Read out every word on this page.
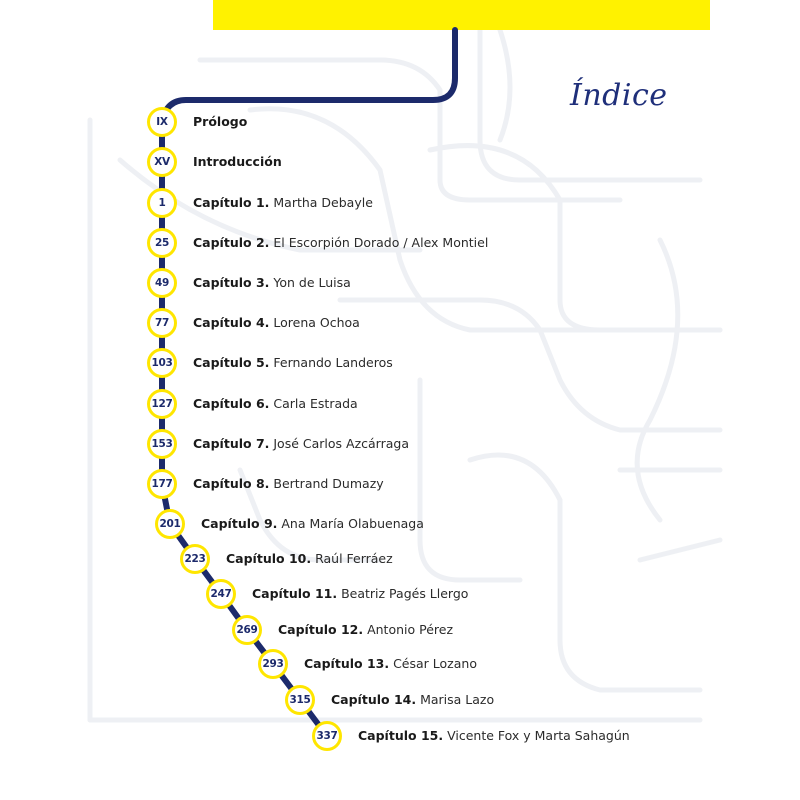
Índice
IX
XV
1
25
49
77
103
127
153
177
201
223
247
269
293
315
337
Prólogo
Introducción
Capítulo 1. Martha Debayle
Capítulo 2. El Escorpión Dorado / Alex Montiel
Capítulo 3. Yon de Luisa
Capítulo 4. Lorena Ochoa
Capítulo 5. Fernando Landeros
Capítulo 6. Carla Estrada
Capítulo 7. José Carlos Azcárraga
Capítulo 8. Bertrand Dumazy
Capítulo 9. Ana María Olabuenaga
Capítulo 10. Raúl Ferráez
Capítulo 11. Beatriz Pagés Llergo
Capítulo 12. Antonio Pérez
Capítulo 13. César Lozano
Capítulo 14. Marisa Lazo
Capítulo 15. Vicente Fox y Marta Sahagún
